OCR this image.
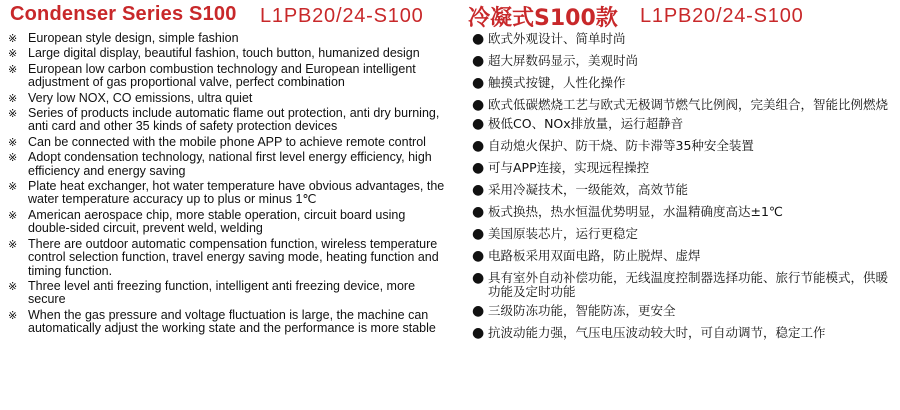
Condenser Series S100 L1PB20/24-S100
※ European style design, simple fashion
※ Large digital display, beautiful fashion, touch button, humanized design
※ European low carbon combustion technology and European intelligent adjustment of gas proportional valve, perfect combination
※ Very low NOX, CO emissions, ultra quiet
※ Series of products include automatic flame out protection, anti dry burning, anti card and other 35 kinds of safety protection devices
※ Can be connected with the mobile phone APP to achieve remote control
※ Adopt condensation technology, national first level energy efficiency, high efficiency and energy saving
※ Plate heat exchanger, hot water temperature have obvious advantages, the water temperature accuracy up to plus or minus 1℃
※ American aerospace chip, more stable operation, circuit board using double-sided circuit, prevent weld, welding
※ There are outdoor automatic compensation function, wireless temperature control selection function, travel energy saving mode, heating function and timing function.
※ Three level anti freezing function, intelligent anti freezing device, more secure
※ When the gas pressure and voltage fluctuation is large, the machine can automatically adjust the working state and the performance is more stable
冷凝式S100款 L1PB20/24-S100
● 欧式外观设计、简单时尚
● 超大屏数码显示，美观时尚
● 触摸式按键，人性化操作
● 欧式低碳燃烧工艺与欧式无极调节燃气比例阀，完美组合，智能比例燃烧
● 极低CO、NOx排放量，运行超静音
● 自动熄火保护、防干烧、防卡滞等35种安全装置
● 可与APP连接，实现远程操控
● 采用冷凝技术，一级能效，高效节能
● 板式换热，热水恒温优势明显，水温精确度高达±1℃
● 美国原装芯片，运行更稳定
● 电路板采用双面电路，防止脱焊、虚焊
● 具有室外自动补偿功能，无线温度控制器选择功能、旅行节能模式，供暖功能及定时功能
● 三级防冻功能，智能防冻，更安全
● 抗波动能力强，气压电压波动较大时，可自动调节，稳定工作
